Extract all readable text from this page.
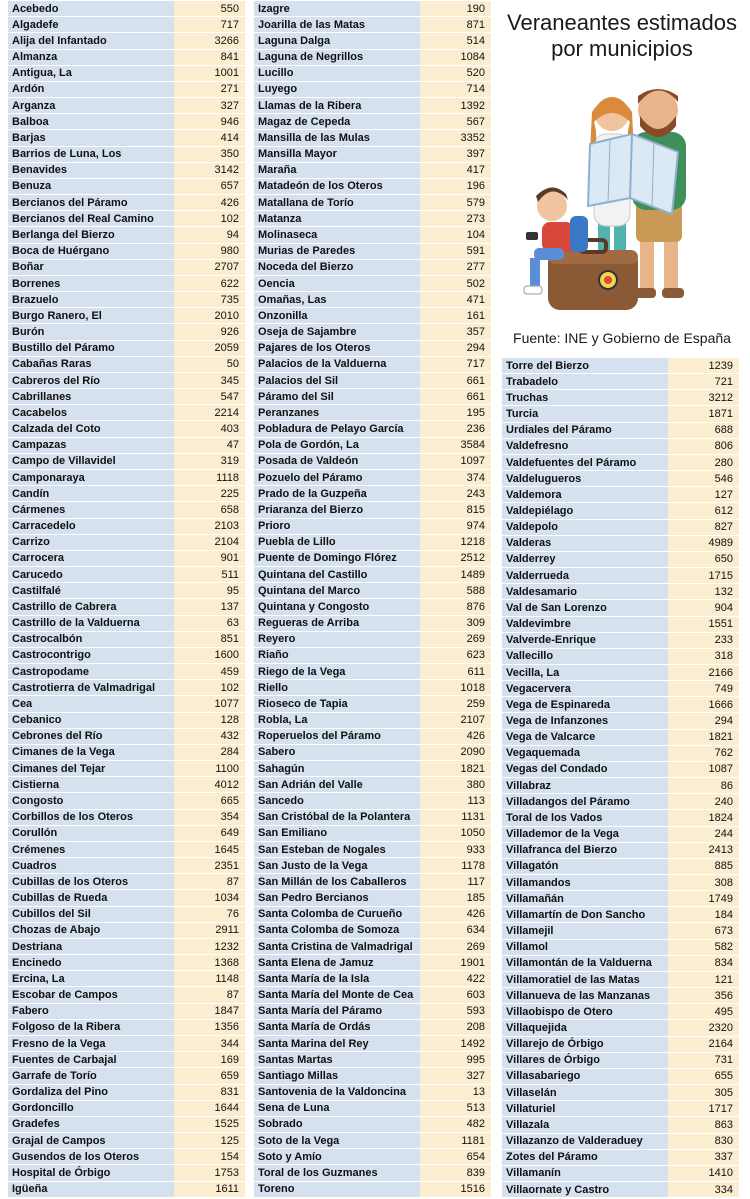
Acebedo	550
Algadefe	717
Alija del Infantado	3266
Almanza	841
Antigua, La	1001
Ardón	271
Arganza	327
Balboa	946
Barjas	414
Barrios de Luna, Los	350
Benavides	3142
Benuza	657
Bercianos del Páramo	426
Bercianos del Real Camino	102
Berlanga del Bierzo	94
Boca de Huérgano	980
Boñar	2707
Borrenes	622
Brazuelo	735
Burgo Ranero, El	2010
Burón	926
Bustillo del Páramo	2059
Cabañas Raras	50
Cabreros del Río	345
Cabrillanes	547
Cacabelos	2214
Calzada del Coto	403
Campazas	47
Campo de Villavidel	319
Camponaraya	1118
Candín	225
Cármenes	658
Carracedelo	2103
Carrizo	2104
Carrocera	901
Carucedo	511
Castilfalé	95
Castrillo de Cabrera	137
Castrillo de la Valduerna	63
Castrocalbón	851
Castrocontrigo	1600
Castropodame	459
Castrotierra de Valmadrigal	102
Cea	1077
Cebanico	128
Cebrones del Río	432
Cimanes de la Vega	284
Cimanes del Tejar	1100
Cistierna	4012
Congosto	665
Corbillos de los Oteros	354
Corullón	649
Crémenes	1645
Cuadros	2351
Cubillas de los Oteros	87
Cubillas de Rueda	1034
Cubillos del Sil	76
Chozas de Abajo	2911
Destriana	1232
Encinedo	1368
Ercina, La	1148
Escobar de Campos	87
Fabero	1847
Folgoso de la Ribera	1356
Fresno de la Vega	344
Fuentes de Carbajal	169
Garrafe de Torío	659
Gordaliza del Pino	831
Gordoncillo	1644
Gradefes	1525
Grajal de Campos	125
Gusendos de los Oteros	154
Hospital de Órbigo	1753
Igüeña	1611
Izagre	190
Joarilla de las Matas	871
Laguna Dalga	514
Laguna de Negrillos	1084
Lucillo	520
Luyego	714
Llamas de la Ribera	1392
Magaz de Cepeda	567
Mansilla de las Mulas	3352
Mansilla Mayor	397
Maraña	417
Matadeón de los Oteros	196
Matallana de Torío	579
Matanza	273
Molinaseca	104
Murias de Paredes	591
Noceda del Bierzo	277
Oencia	502
Omañas, Las	471
Onzonilla	161
Oseja de Sajambre	357
Pajares de los Oteros	294
Palacios de la Valduerna	717
Palacios del Sil	661
Páramo del Sil	661
Peranzanes	195
Pobladura de Pelayo García	236
Pola de Gordón, La	3584
Posada de Valdeón	1097
Pozuelo del Páramo	374
Prado de la Guzpeña	243
Priaranza del Bierzo	815
Prioro	974
Puebla de Lillo	1218
Puente de Domingo Flórez	2512
Quintana del Castillo	1489
Quintana del Marco	588
Quintana y Congosto	876
Regueras de Arriba	309
Reyero	269
Riaño	623
Riego de la Vega	611
Riello	1018
Rioseco de Tapia	259
Robla, La	2107
Roperuelos del Páramo	426
Sabero	2090
Sahagún	1821
San Adrián del Valle	380
Sancedo	113
San Cristóbal de la Polantera	1131
San Emiliano	1050
San Esteban de Nogales	933
San Justo de la Vega	1178
San Millán de los Caballeros	117
San Pedro Bercianos	185
Santa Colomba de Curueño	426
Santa Colomba de Somoza	634
Santa Cristina de Valmadrigal	269
Santa Elena de Jamuz	1901
Santa María de la Isla	422
Santa María del Monte de Cea	603
Santa María del Páramo	593
Santa María de Ordás	208
Santa Marina del Rey	1492
Santas Martas	995
Santiago Millas	327
Santovenia de la Valdoncina	13
Sena de Luna	513
Sobrado	482
Soto de la Vega	1181
Soto y Amío	654
Toral de los Guzmanes	839
Toreno	1516
Veraneantes estimados
por municipios
Fuente: INE y Gobierno de España
Torre del Bierzo	1239
Trabadelo	721
Truchas	3212
Turcia	1871
Urdiales del Páramo	688
Valdefresno	806
Valdefuentes del Páramo	280
Valdelugueros	546
Valdemora	127
Valdepiélago	612
Valdepolo	827
Valderas	4989
Valderrey	650
Valderrueda	1715
Valdesamario	132
Val de San Lorenzo	904
Valdevimbre	1551
Valverde-Enrique	233
Vallecillo	318
Vecilla, La	2166
Vegacervera	749
Vega de Espinareda	1666
Vega de Infanzones	294
Vega de Valcarce	1821
Vegaquemada	762
Vegas del Condado	1087
Villabraz	86
Villadangos del Páramo	240
Toral de los Vados	1824
Villademor de la Vega	244
Villafranca del Bierzo	2413
Villagatón	885
Villamandos	308
Villamañán	1749
Villamartín de Don Sancho	184
Villamejil	673
Villamol	582
Villamontán de la Valduerna	834
Villamoratiel de las Matas	121
Villanueva de las Manzanas	356
Villaobispo de Otero	495
Villaquejida	2320
Villarejo de Órbigo	2164
Villares de Órbigo	731
Villasabariego	655
Villaselán	305
Villaturiel	1717
Villazala	863
Villazanzo de Valderaduey	830
Zotes del Páramo	337
Villamanín	1410
Villaornate y Castro	334
